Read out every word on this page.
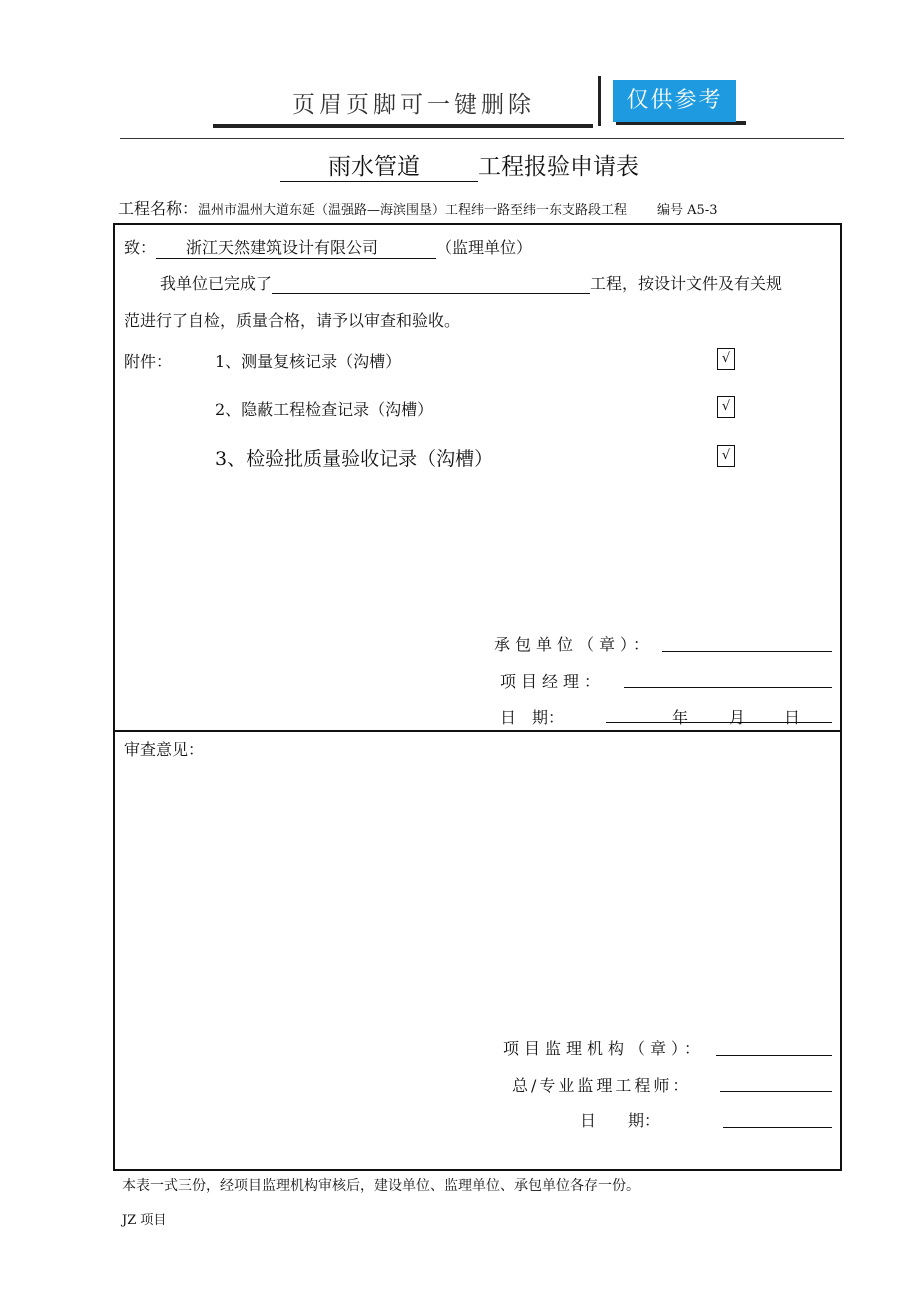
页眉页脚可一键删除	仅供参考
雨水管道	工程报验申请表
工程名称：温州市温州大道东延（温强路—海滨围垦）工程纬一路至纬一东支路段工程 编号 A5-3
致： 浙江天然建筑设计有限公司	（监理单位）
我单位已完成了	工程，按设计文件及有关规
范进行了自检，质量合格，请予以审查和验收。
附件：	1、测量复核记录（沟槽）	√
2、隐蔽工程检查记录（沟槽）	√
3、检验批质量验收记录（沟槽）	√
承包单位（章）：
项目经理：
日　期：	年	月 日
审查意见：
项目监理机构（章）：
总/专业监理工程师：
日　　期：
本表一式三份，经项目监理机构审核后，建设单位、监理单位、承包单位各存一份。
JZ 项目
